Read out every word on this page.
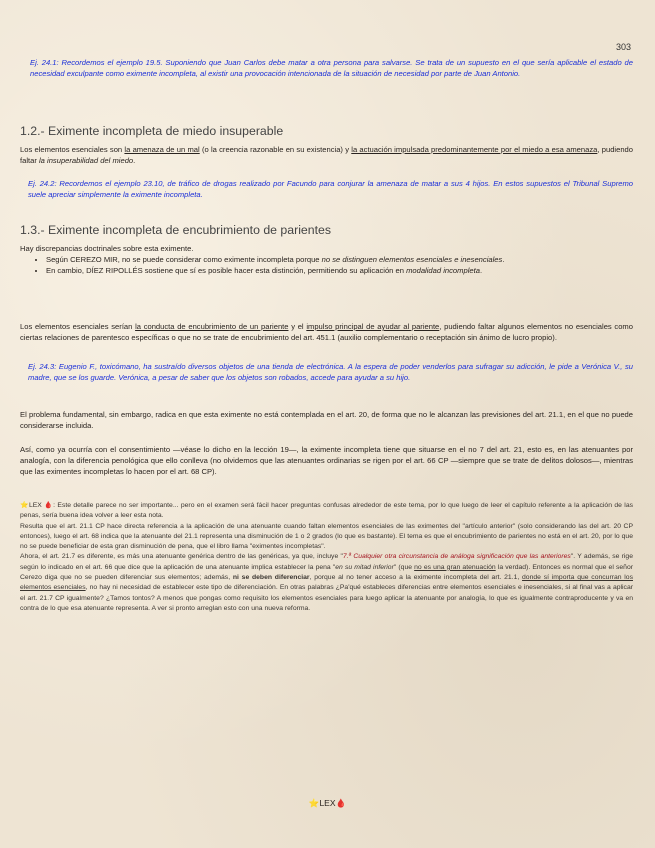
303
Ej. 24.1: Recordemos el ejemplo 19.5. Suponiendo que Juan Carlos debe matar a otra persona para salvarse. Se trata de un supuesto en el que sería aplicable el estado de necesidad exculpante como eximente incompleta, al existir una provocación intencionada de la situación de necesidad por parte de Juan Antonio.
1.2.- Eximente incompleta de miedo insuperable
Los elementos esenciales son la amenaza de un mal (o la creencia razonable en su existencia) y la actuación impulsada predominantemente por el miedo a esa amenaza, pudiendo faltar la insuperabilidad del miedo.
Ej. 24.2: Recordemos el ejemplo 23.10, de tráfico de drogas realizado por Facundo para conjurar la amenaza de matar a sus 4 hijos. En estos supuestos el Tribunal Supremo suele apreciar simplemente la eximente incompleta.
1.3.- Eximente incompleta de encubrimiento de parientes
Hay discrepancias doctrinales sobre esta eximente.
• Según CEREZO MIR, no se puede considerar como eximente incompleta porque no se distinguen elementos esenciales e inesenciales.
• En cambio, DÍEZ RIPOLLÉS sostiene que sí es posible hacer esta distinción, permitiendo su aplicación en modalidad incompleta.
Los elementos esenciales serían la conducta de encubrimiento de un pariente y el impulso principal de ayudar al pariente, pudiendo faltar algunos elementos no esenciales como ciertas relaciones de parentesco específicas o que no se trate de encubrimiento del art. 451.1 (auxilio complementario o receptación sin ánimo de lucro propio).
Ej. 24.3: Eugenio F., toxicómano, ha sustraído diversos objetos de una tienda de electrónica. A la espera de poder venderlos para sufragar su adicción, le pide a Verónica V., su madre, que se los guarde. Verónica, a pesar de saber que los objetos son robados, accede para ayudar a su hijo.
El problema fundamental, sin embargo, radica en que esta eximente no está contemplada en el art. 20, de forma que no le alcanzan las previsiones del art. 21.1, en el que no puede considerarse incluida.
Así, como ya ocurría con el consentimiento —véase lo dicho en la lección 19—, la eximente incompleta tiene que situarse en el no 7 del art. 21, esto es, en las atenuantes por analogía, con la diferencia penológica que ello conlleva (no olvidemos que las atenuantes ordinarias se rigen por el art. 66 CP —siempre que se trate de delitos dolosos—, mientras que las eximentes incompletas lo hacen por el art. 68 CP).
⭐LEX 🩸: Este detalle parece no ser importante... pero en el examen será fácil hacer preguntas confusas alrededor de este tema, por lo que luego de leer el capítulo referente a la aplicación de las penas, sería buena idea volver a leer esta nota.
Resulta que el art. 21.1 CP hace directa referencia a la aplicación de una atenuante cuando faltan elementos esenciales de las eximentes del "artículo anterior" (solo considerando las del art. 20 CP entonces), luego el art. 68 indica que la atenuante del 21.1 representa una disminución de 1 o 2 grados (lo que es bastante). El tema es que el encubrimiento de parientes no está en el art. 20, por lo que no se puede beneficiar de esta gran disminución de pena, que el libro llama "eximentes incompletas".
Ahora, el art. 21.7 es diferente, es más una atenuante genérica dentro de las genéricas, ya que, incluye "7.ª Cualquier otra circunstancia de análoga significación que las anteriores". Y además, se rige según lo indicado en el art. 66 que dice que la aplicación de una atenuante implica establecer la pena "en su mitad inferior" (que no es una gran atenuación la verdad). Entonces es normal que el señor Cerezo diga que no se pueden diferenciar sus elementos; además, ni se deben diferenciar, porque al no tener acceso a la eximente incompleta del art. 21.1, donde sí importa que concurran los elementos esenciales, no hay ni necesidad de establecer este tipo de diferenciación. En otras palabras ¿Pa'qué estableces diferencias entre elementos esenciales e inesenciales, si al final vas a aplicar el art. 21.7 CP igualmente? ¿Tamos tontos? A menos que pongas como requisito los elementos esenciales para luego aplicar la atenuante por analogía, lo que es igualmente contraproducente y va en contra de lo que esa atenuante representa. A ver si pronto arreglan esto con una nueva reforma.
⭐LEX🩸
